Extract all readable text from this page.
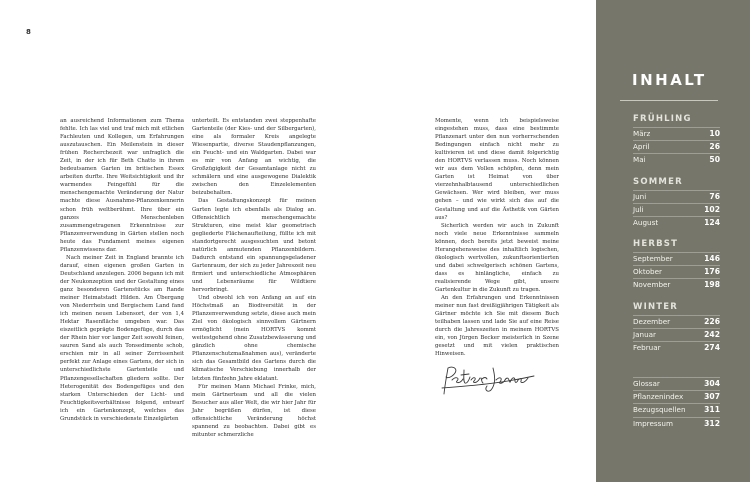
8

an ausreichend Informationen zum Thema fehlte. Ich las viel und traf mich mit etlichen Fachleuten und Kollegen, um Erfahrungen auszutauschen. Ein Meilenstein in dieser frühen Recherchezeit war unfraglich die Zeit, in der ich für Beth Chatto in ihrem bedeutsamen Garten im britischen Essex arbeiten durfte. Ihre Weitsichtigkeit und ihr warmendes Feingefühl für die menschengemachte Veränderung der Natur machte diese Ausnahme-Pflanzenkennerin schon früh weltberühmt. Ihre über ein ganzes Menschenleben zusammengetragenen Erkenntnisse zur Pflanzenverwendung in Gärten stellen noch heute das Fundament meines eigenen Pflanzenwissens dar.

Nach meiner Zeit in England brannte ich darauf, einen eigenen großen Garten in Deutschland anzulegen. 2006 begann ich mit der Neukonzeption und der Gestaltung eines ganz besonderen Gartenstücks am Rande meiner Heimatstadt Hilden. Am Übergang von Niederrhein und Bergischem Land fand ich meinen neuen Lebensort, der von 1,4 Hektar Rasenfläche umgeben war. Das eiszeitlich geprägte Bodengefüge, durch das der Rhein hier vor langer Zeit sowohl feinen, sauren Sand als auch Tonsedimente schob, erschien mir in all seiner Zerrissenheit perfekt zur Anlage eines Gartens, der sich in unterschiedlichste Gartenteile und Pflanzengesellschaften gliedern sollte. Der Heterogenität des Bodengefüges und den starken Unterschieden der Licht- und Feuchtigkeitsverhältnisse folgend, entwarf ich ein Gartenkonzept, welches das Grundstück in verschiedenste Einzelgärten

unterteilt. Es entstanden zwei steppenhafte Gartenteile (der Kies- und der Silbergarten), eine als formaler Kreis angelegte Wiesenpartie, diverse Staudenpflanzungen, ein Feucht- und ein Waldgarten. Dabei war es mir von Anfang an wichtig, die Großzügigkeit der Gesamtanlage nicht zu schmälern und eine ausgewogene Dialektik zwischen den Einzelelementen beizubehalten.

Das Gestaltungskonzept für meinen Garten legte ich ebenfalls als Dialog an. Offensichtlich menschengemachte Strukturen, eine meist klar geometrisch gegliederte Flächenaufteilung, füllte ich mit standortgerecht ausgesuchten und betont natürlich anmutenden Pflanzenbildern. Dadurch entstand ein spannungsgeladener Gartenraum, der sich zu jeder Jahreszeit neu firmiert und unterschiedliche Atmosphären und Lebensräume für Wildtiere hervorbringt.

Und obwohl ich von Anfang an auf ein Höchstmaß an Biodiversität in der Pflanzenverwendung setzte, diese auch mein Ziel von ökologisch sinnvollem Gärtnern ermöglicht (mein HORTVS kommt weitestgehend ohne Zusatzbewässerung und gänzlich ohne chemische Pflanzenschutzmaßnahmen aus), veränderte sich das Gesamtbild des Gartens durch die klimatische Verschiebung innerhalb der letzten fünfzehn Jahre eklatant.

Für meinen Mann Michael Frinke, mich, mein Gärtnerteam und all die vielen Besucher aus aller Welt, die wir hier Jahr für Jahr begrüßen dürfen, ist diese offensichtliche Veränderung höchst spannend zu beobachten. Dabei gibt es mitunter schmerzliche

Momente, wenn ich beispielsweise eingestehen muss, dass eine bestimmte Pflanzenart unter den nun vorherrschenden Bedingungen einfach nicht mehr zu kultivieren ist und diese damit folgerichtig den HORTVS verlassen muss. Noch können wir aus dem Vollen schöpfen, denn mein Garten ist Heimat von über vierzehnhalbtausend unterschiedlichen Gewächsen. Wer wird bleiben, wer muss gehen – und wie wirkt sich das auf die Gestaltung und auf die Ästhetik von Gärten aus?

Sicherlich werden wir auch in Zukunft noch viele neue Erkenntnisse sammeln können, doch bereits jetzt beweist meine Herangehensweise des inhaltlich logischen, ökologisch wertvollen, zukunftsorientierten und dabei schwelgerisch schönen Gartens, dass es hinlängliche, einfach zu realisierende Wege gibt, unsere Gartenkultur in die Zukunft zu tragen.

An den Erfahrungen und Erkenntnissen meiner nun fast dreißigjährigen Tätigkeit als Gärtner möchte ich Sie mit diesem Buch teilhaben lassen und lade Sie auf eine Reise durch die Jahreszeiten in meinem HORTVS ein, von Jürgen Becker meisterlich in Szene gesetzt und mit vielen praktischen Hinweisen.

INHALT
FRÜHLING
März	10
April	26
Mai	50
SOMMER
Juni	76
Juli	102
August	124
HERBST
September	146
Oktober	176
November	198
WINTER
Dezember	226
Januar	242
Februar	274
Glossar	304
Pflanzenindex	307
Bezugsquellen 311
Impressum	312
